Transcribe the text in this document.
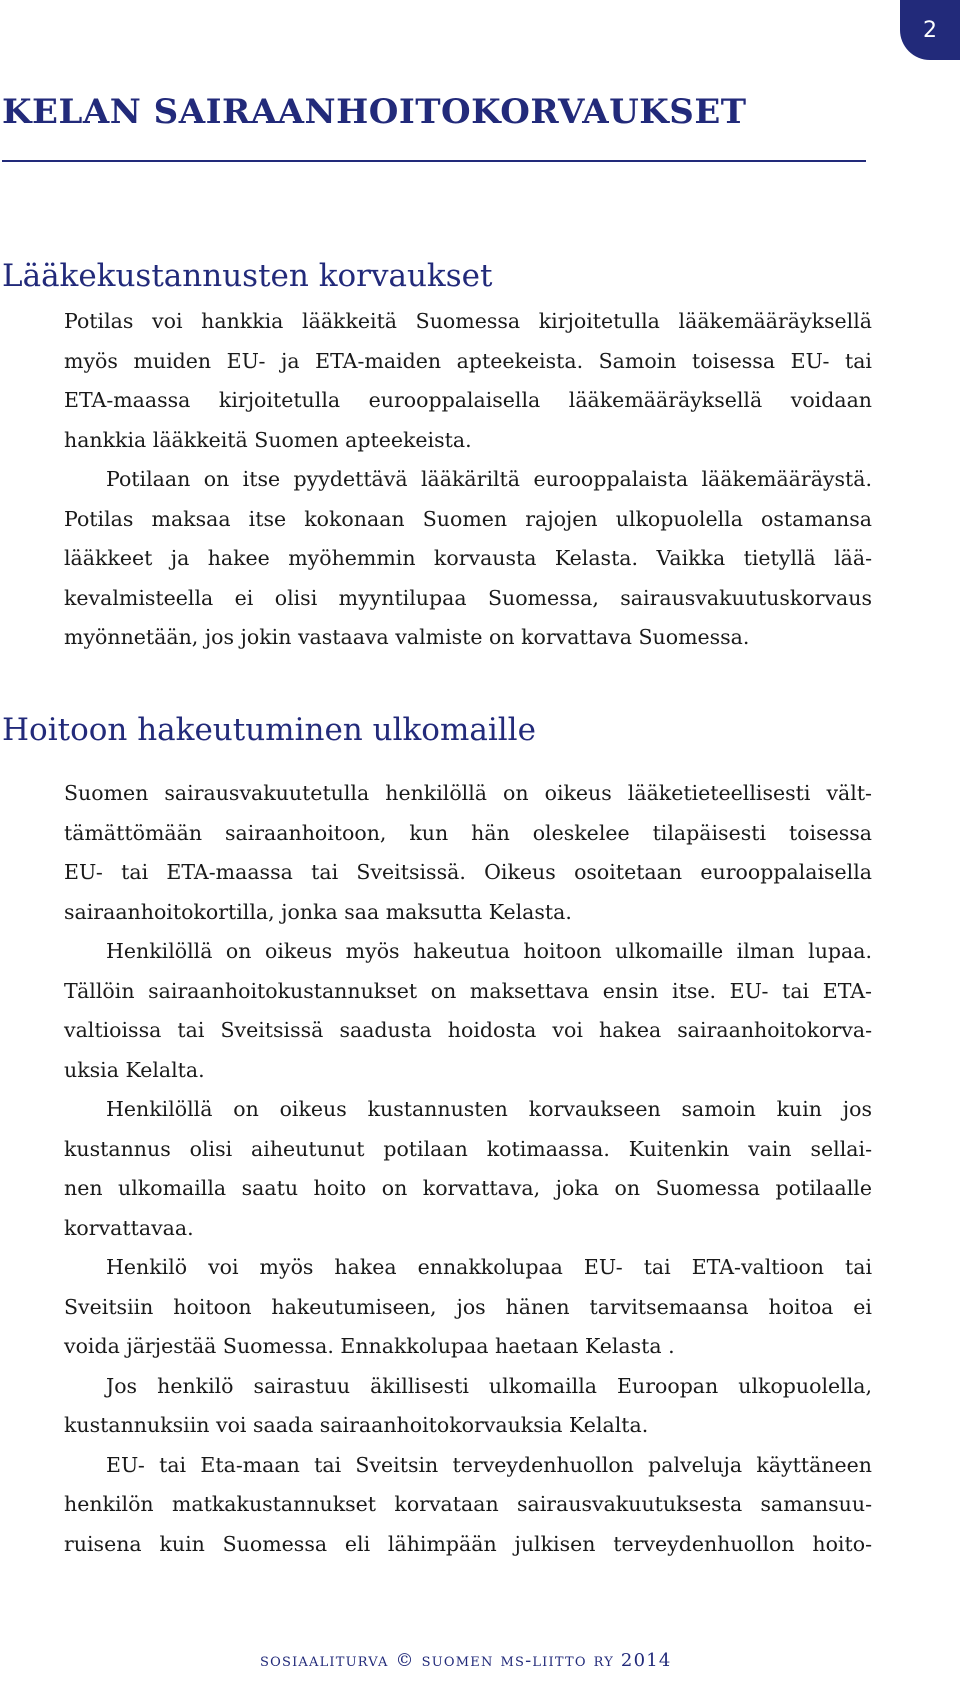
2
KELAN SAIRAANHOITOKORVAUKSET
Lääkekustannusten korvaukset
Potilas voi hankkia lääkkeitä Suomessa kirjoitetulla lääkemääräyksellä
myös muiden EU- ja ETA-maiden apteekeista. Samoin toisessa EU- tai
ETA-maassa kirjoitetulla eurooppalaisella lääkemääräyksellä voidaan
hankkia lääkkeitä Suomen apteekeista.
Potilaan on itse pyydettävä lääkäriltä eurooppalaista lääkemääräystä.
Potilas maksaa itse kokonaan Suomen rajojen ulkopuolella ostamansa
lääkkeet ja hakee myöhemmin korvausta Kelasta. Vaikka tietyllä lää-
kevalmisteella ei olisi myyntilupaa Suomessa, sairausvakuutuskorvaus
myönnetään, jos jokin vastaava valmiste on korvattava Suomessa.
Hoitoon hakeutuminen ulkomaille
Suomen sairausvakuutetulla henkilöllä on oikeus lääketieteellisesti vält-
tämättömään sairaanhoitoon, kun hän oleskelee tilapäisesti toisessa
EU- tai ETA-maassa tai Sveitsissä. Oikeus osoitetaan eurooppalaisella
sairaanhoitokortilla, jonka saa maksutta Kelasta.
Henkilöllä on oikeus myös hakeutua hoitoon ulkomaille ilman lupaa.
Tällöin sairaanhoitokustannukset on maksettava ensin itse. EU- tai ETA-
valtioissa tai Sveitsissä saadusta hoidosta voi hakea sairaanhoitokorva-
uksia Kelalta.
Henkilöllä on oikeus kustannusten korvaukseen samoin kuin jos
kustannus olisi aiheutunut potilaan kotimaassa. Kuitenkin vain sellai-
nen ulkomailla saatu hoito on korvattava, joka on Suomessa potilaalle
korvattavaa.
Henkilö voi myös hakea ennakkolupaa EU- tai ETA-valtioon tai
Sveitsiin hoitoon hakeutumiseen, jos hänen tarvitsemaansa hoitoa ei
voida järjestää Suomessa. Ennakkolupaa haetaan Kelasta .
Jos henkilö sairastuu äkillisesti ulkomailla Euroopan ulkopuolella,
kustannuksiin voi saada sairaanhoitokorvauksia Kelalta.
EU- tai Eta-maan tai Sveitsin terveydenhuollon palveluja käyttäneen
henkilön matkakustannukset korvataan sairausvakuutuksesta samansuu-
ruisena kuin Suomessa eli lähimpään julkisen terveydenhuollon hoito-
sosiaaliturva © suomen ms-liitto ry 2014
